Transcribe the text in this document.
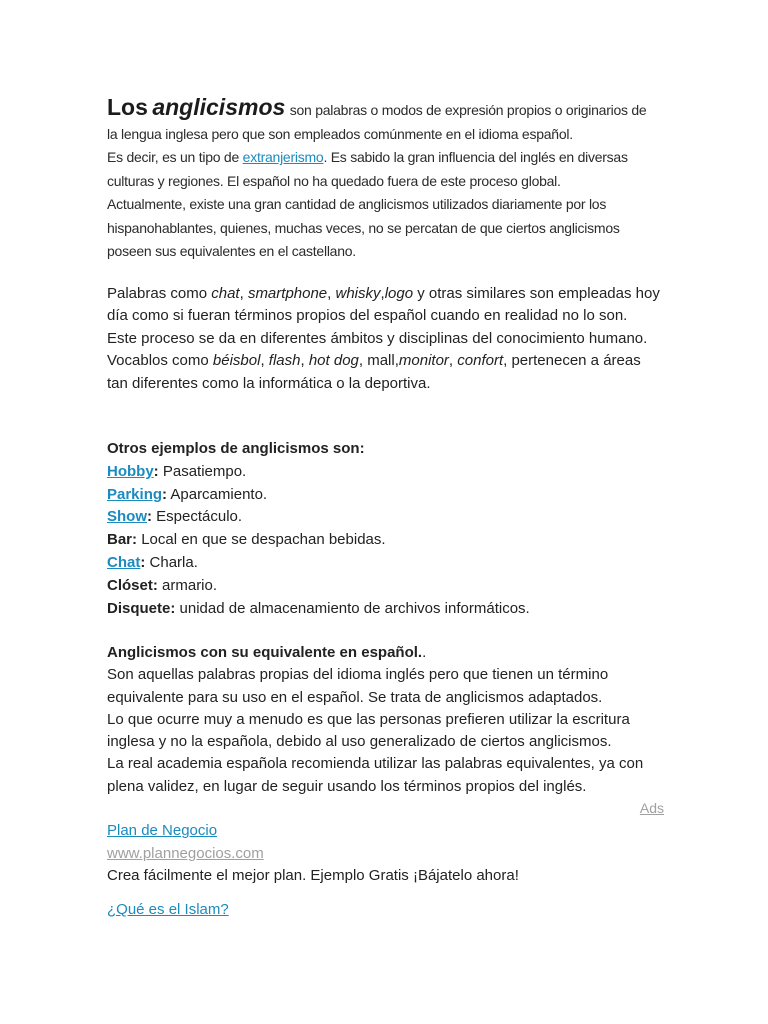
Los anglicismos son palabras o modos de expresión propios o originarios de
la lengua inglesa pero que son empleados comúnmente en el idioma español.
Es decir, es un tipo de extranjerismo. Es sabido la gran influencia del inglés en diversas
culturas y regiones. El español no ha quedado fuera de este proceso global.
Actualmente, existe una gran cantidad de anglicismos utilizados diariamente por los
hispanohablantes, quienes, muchas veces, no se percatan de que ciertos anglicismos
poseen sus equivalentes en el castellano.
Palabras como chat, smartphone, whisky,logo y otras similares son empleadas hoy
día como si fueran términos propios del español cuando en realidad no lo son.
Este proceso se da en diferentes ámbitos y disciplinas del conocimiento humano.
Vocablos como béisbol, flash, hot dog, mall,monitor, confort, pertenecen a áreas
tan diferentes como la informática o la deportiva.
Otros ejemplos de anglicismos son:
Hobby: Pasatiempo.
Parking: Aparcamiento.
Show: Espectáculo.
Bar: Local en que se despachan bebidas.
Chat: Charla.
Clóset: armario.
Disquete: unidad de almacenamiento de archivos informáticos.
Anglicismos con su equivalente en español..
Son aquellas palabras propias del idioma inglés pero que tienen un término
equivalente para su uso en el español. Se trata de anglicismos adaptados.
Lo que ocurre muy a menudo es que las personas prefieren utilizar la escritura
inglesa y no la española, debido al uso generalizado de ciertos anglicismos.
La real academia española recomienda utilizar las palabras equivalentes, ya con
plena validez, en lugar de seguir usando los términos propios del inglés.
Ads
Plan de Negocio
www.plannegocios.com
Crea fácilmente el mejor plan. Ejemplo Gratis ¡Bájatelo ahora!
¿Qué es el Islam?
